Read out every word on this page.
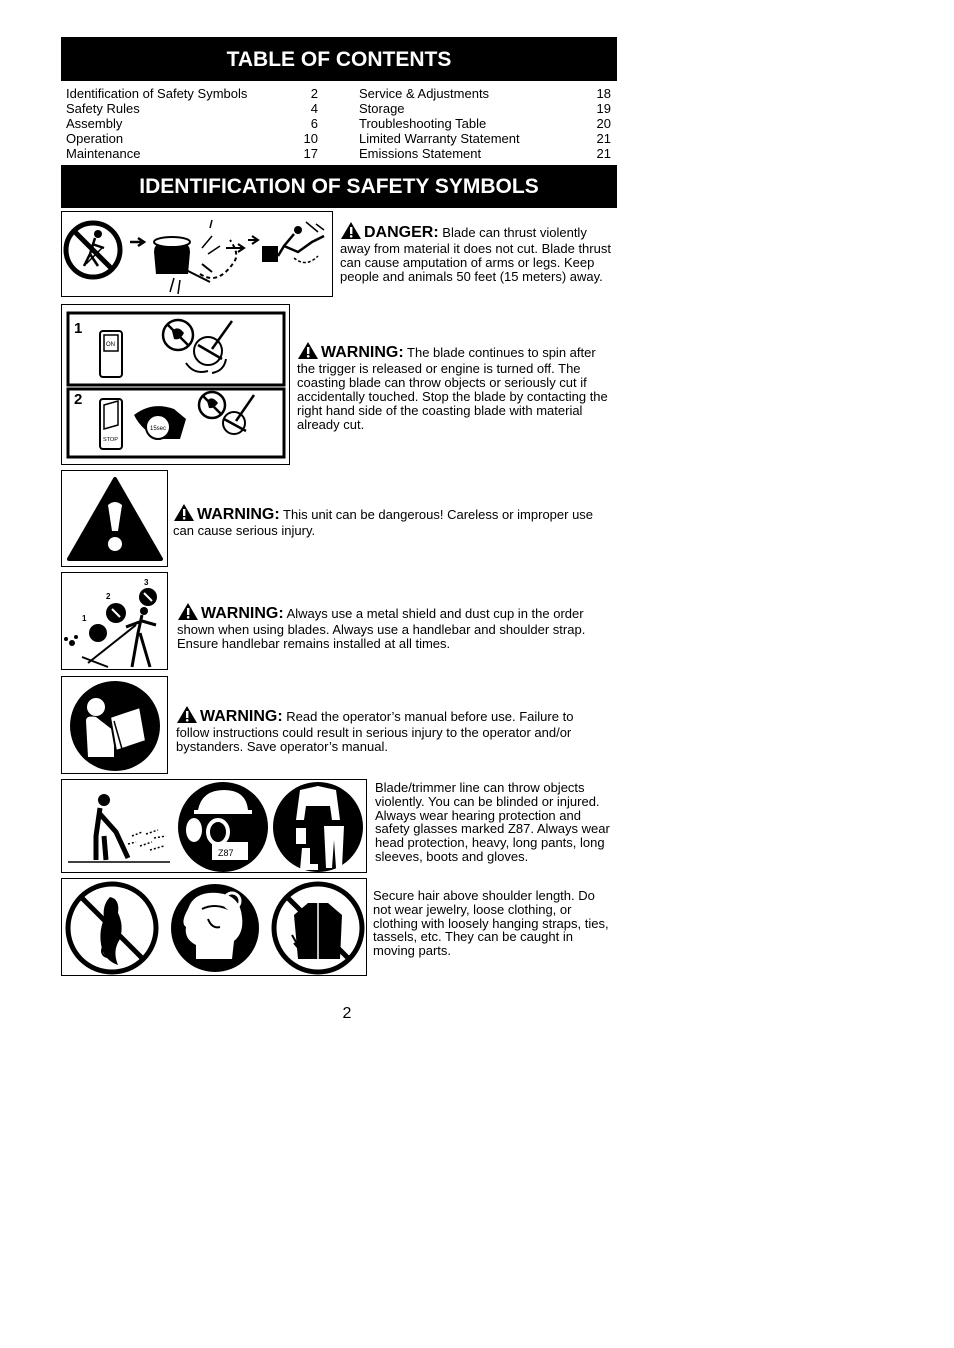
TABLE OF CONTENTS
Identification of Safety Symbols	2
Safety Rules	4
Assembly	6
Operation	10
Maintenance	17
Service & Adjustments	18
Storage	19
Troubleshooting Table	20
Limited Warranty Statement	21
Emissions Statement	21
IDENTIFICATION OF SAFETY SYMBOLS
DANGER: Blade can thrust violently away from material it does not cut. Blade thrust can cause amputation of arms or legs. Keep people and animals 50 feet (15 meters) away.
1
2
ON
STOP
15sec
WARNING: The blade continues to spin after the trigger is released or engine is turned off. The coasting blade can throw objects or seriously cut if accidentally touched. Stop the blade by contacting the right hand side of the coasting blade with material already cut.
WARNING: This unit can be dangerous! Careless or improper use can cause serious injury.
3
2
1	WARNING: Always use a metal shield and dust cup in the order shown when using blades. Always use a handlebar and shoulder strap. Ensure handlebar remains installed at all times.
WARNING: Read the operator’s manual before use. Failure to follow instructions could result in serious injury to the operator and/or bystanders. Save operator’s manual.
Z87
Blade/trimmer line can throw objects violently. You can be blinded or injured. Always wear hearing protection and safety glasses marked Z87. Always wear head protection, heavy, long pants, long sleeves, boots and gloves.
Secure hair above shoulder length. Do not wear jewelry, loose clothing, or clothing with loosely hanging straps, ties, tassels, etc. They can be caught in moving parts.
2
